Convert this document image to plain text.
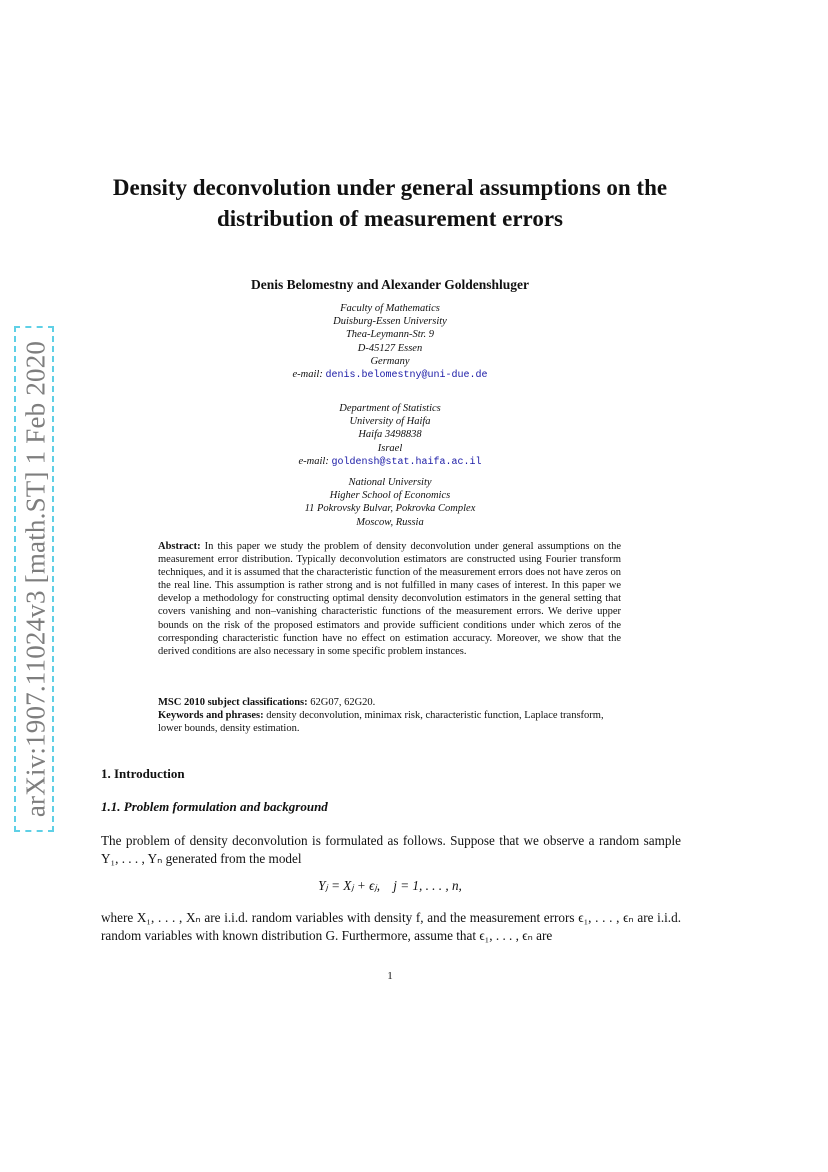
arXiv:1907.11024v3 [math.ST] 1 Feb 2020
Density deconvolution under general assumptions on the distribution of measurement errors
Denis Belomestny and Alexander Goldenshluger
Faculty of Mathematics
Duisburg-Essen University
Thea-Leymann-Str. 9
D-45127 Essen
Germany
e-mail: denis.belomestny@uni-due.de
Department of Statistics
University of Haifa
Haifa 3498838
Israel
e-mail: goldensh@stat.haifa.ac.il
National University
Higher School of Economics
11 Pokrovsky Bulvar, Pokrovka Complex
Moscow, Russia
Abstract: In this paper we study the problem of density deconvolution under general assumptions on the measurement error distribution. Typically deconvolution estimators are constructed using Fourier transform techniques, and it is assumed that the characteristic function of the measurement errors does not have zeros on the real line. This assumption is rather strong and is not fulfilled in many cases of interest. In this paper we develop a methodology for constructing optimal density deconvolution estimators in the general setting that covers vanishing and non–vanishing characteristic functions of the measurement errors. We derive upper bounds on the risk of the proposed estimators and provide sufficient conditions under which zeros of the corresponding characteristic function have no effect on estimation accuracy. Moreover, we show that the derived conditions are also necessary in some specific problem instances.
MSC 2010 subject classifications: 62G07, 62G20.
Keywords and phrases: density deconvolution, minimax risk, characteristic function, Laplace transform, lower bounds, density estimation.
1. Introduction
1.1. Problem formulation and background
The problem of density deconvolution is formulated as follows. Suppose that we observe a random sample Y₁, . . . , Yₙ generated from the model
Yⱼ = Xⱼ + ϵⱼ,    j = 1, . . . , n,
where X₁, . . . , Xₙ are i.i.d. random variables with density f, and the measurement errors ϵ₁, . . . , ϵₙ are i.i.d. random variables with known distribution G. Furthermore, assume that ϵ₁, . . . , ϵₙ are
1
